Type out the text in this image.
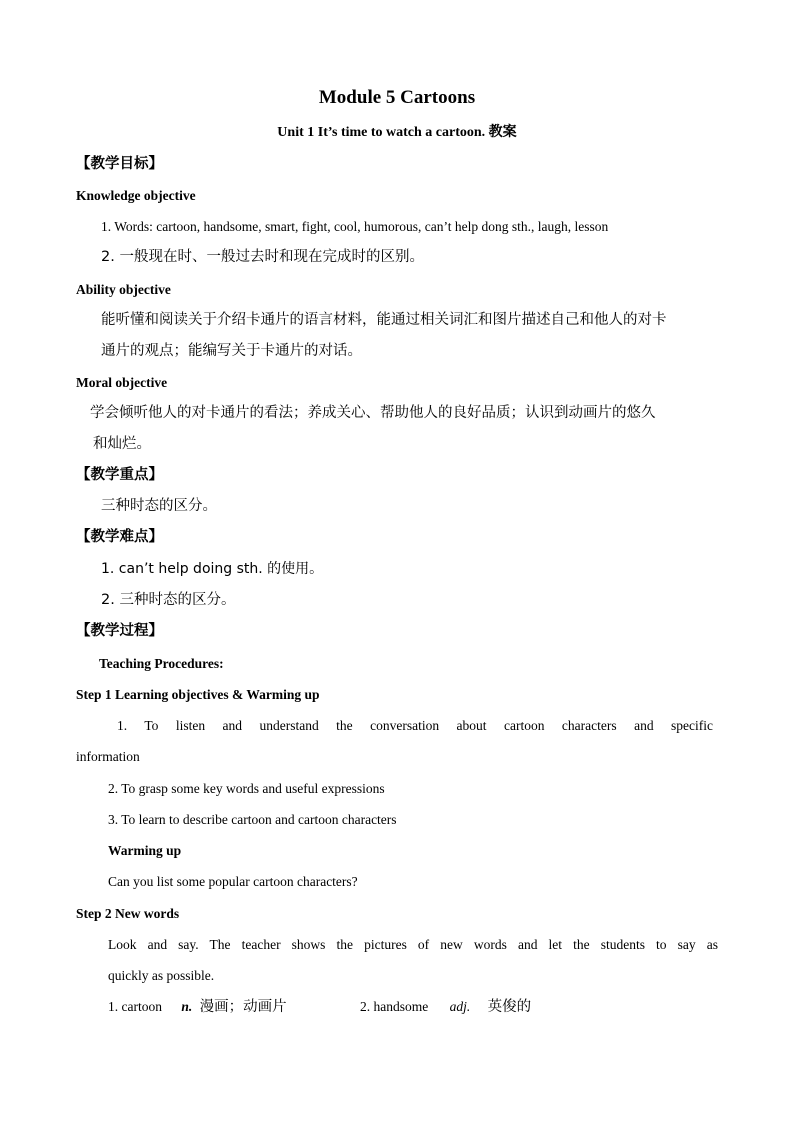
Module 5 Cartoons
Unit 1 It’s time to watch a cartoon. 教案
【教学目标】
Knowledge objective
1. Words: cartoon, handsome, smart, fight, cool, humorous, can’t help dong sth., laugh, lesson
2. 一般现在时、一般过去时和现在完成时的区别。
Ability objective
能听懂和阅读关于介绍卡通片的语言材料，能通过相关词汇和图片描述自己和他人的对卡
通片的观点；能编写关于卡通片的对话。
Moral objective
学会倾听他人的对卡通片的看法；养成关心、帮助他人的良好品质；认识到动画片的悠久
和灿烂。
【教学重点】
三种时态的区分。
【教学难点】
1. can’t help doing sth. 的使用。
2. 三种时态的区分。
【教学过程】
Teaching Procedures:
Step 1 Learning objectives & Warming up
1. To listen and understand the conversation about cartoon characters and specific
information
2. To grasp some key words and useful expressions
3. To learn to describe cartoon and cartoon characters
Warming up
Can you list some popular cartoon characters?
Step 2 New words
Look and say. The teacher shows the pictures of new words and let the students to say as
quickly as possible.
1. cartoon n. 漫画；动画片	2. handsome adj. 英俊的
